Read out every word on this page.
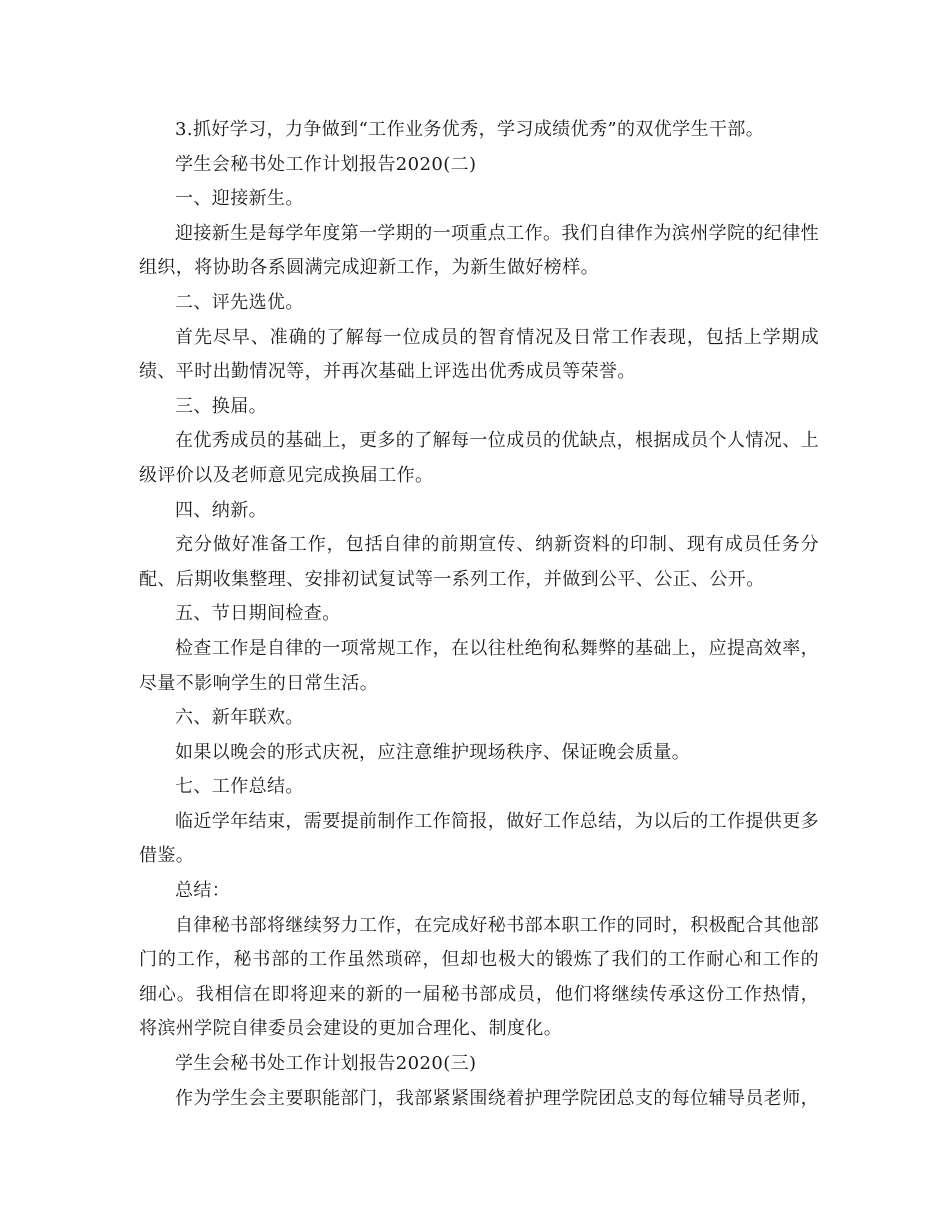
3.抓好学习，力争做到“工作业务优秀，学习成绩优秀”的双优学生干部。

学生会秘书处工作计划报告2020(二)

一、迎接新生。

迎接新生是每学年度第一学期的一项重点工作。我们自律作为滨州学院的纪律性组织，将协助各系圆满完成迎新工作，为新生做好榜样。

二、评先选优。

首先尽早、准确的了解每一位成员的智育情况及日常工作表现，包括上学期成绩、平时出勤情况等，并再次基础上评选出优秀成员等荣誉。

三、换届。

在优秀成员的基础上，更多的了解每一位成员的优缺点，根据成员个人情况、上级评价以及老师意见完成换届工作。

四、纳新。

充分做好准备工作，包括自律的前期宣传、纳新资料的印制、现有成员任务分配、后期收集整理、安排初试复试等一系列工作，并做到公平、公正、公开。

五、节日期间检查。

检查工作是自律的一项常规工作，在以往杜绝徇私舞弊的基础上，应提高效率，尽量不影响学生的日常生活。

六、新年联欢。

如果以晚会的形式庆祝，应注意维护现场秩序、保证晚会质量。

七、工作总结。

临近学年结束，需要提前制作工作简报，做好工作总结，为以后的工作提供更多借鉴。

总结：

自律秘书部将继续努力工作，在完成好秘书部本职工作的同时，积极配合其他部门的工作，秘书部的工作虽然琐碎，但却也极大的锻炼了我们的工作耐心和工作的细心。我相信在即将迎来的新的一届秘书部成员，他们将继续传承这份工作热情，将滨州学院自律委员会建设的更加合理化、制度化。

学生会秘书处工作计划报告2020(三)

作为学生会主要职能部门，我部紧紧围绕着护理学院团总支的每位辅导员老师，
